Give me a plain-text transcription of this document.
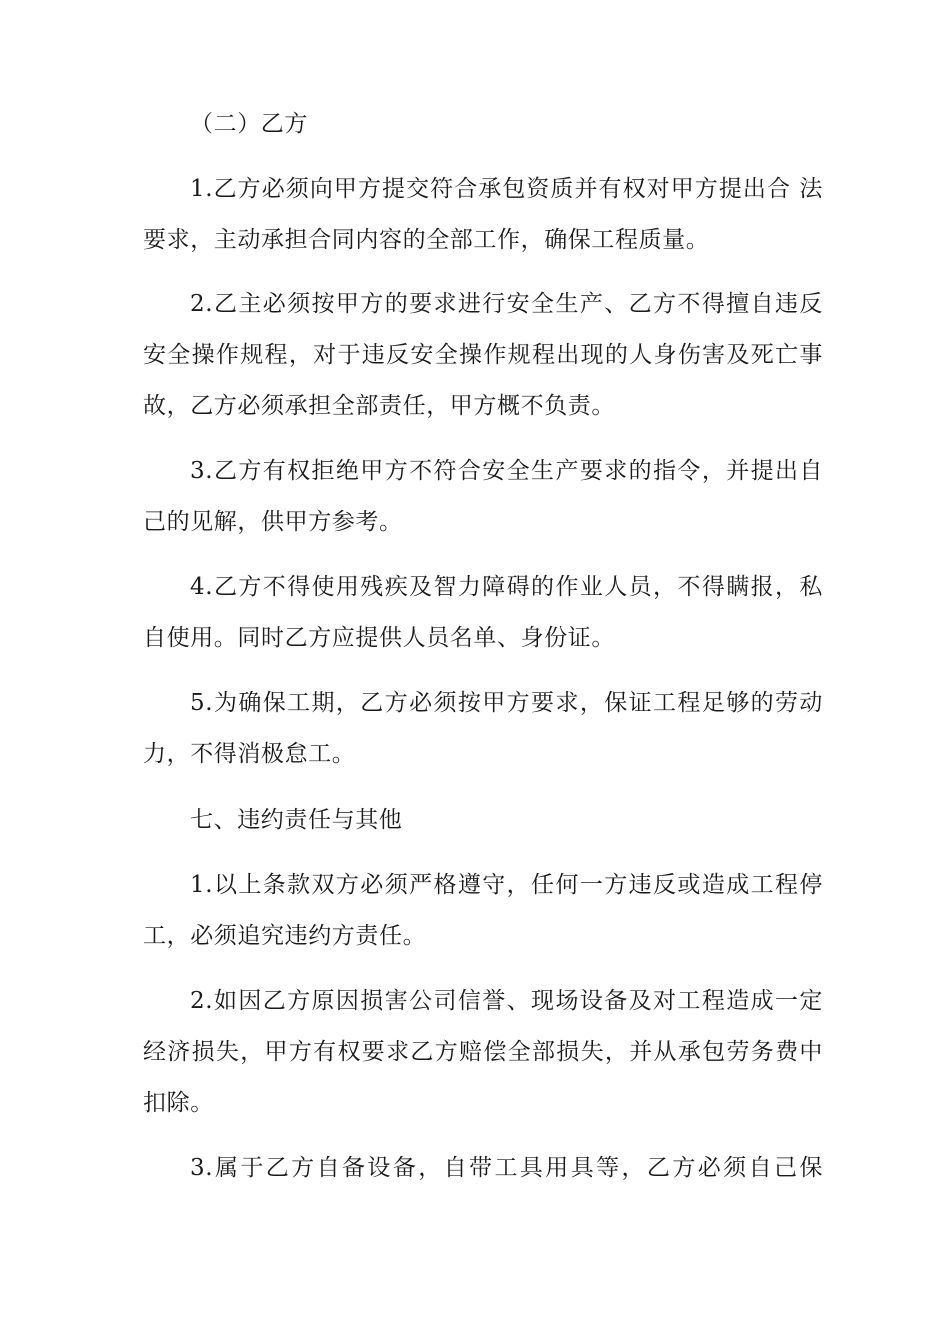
（二）乙方
1.乙方必须向甲方提交符合承包资质并有权对甲方提出合 法
要求，主动承担合同内容的全部工作，确保工程质量。
2.乙主必须按甲方的要求进行安全生产、乙方不得擅自违反
安全操作规程，对于违反安全操作规程出现的人身伤害及死亡事
故，乙方必须承担全部责任，甲方概不负责。
3.乙方有权拒绝甲方不符合安全生产要求的指令，并提出自
己的见解，供甲方参考。
4.乙方不得使用残疾及智力障碍的作业人员，不得瞒报，私
自使用。同时乙方应提供人员名单、身份证。
5.为确保工期，乙方必须按甲方要求，保证工程足够的劳动
力，不得消极怠工。
七、违约责任与其他
1.以上条款双方必须严格遵守，任何一方违反或造成工程停
工，必须追究违约方责任。
2.如因乙方原因损害公司信誉、现场设备及对工程造成一定
经济损失，甲方有权要求乙方赔偿全部损失，并从承包劳务费中
扣除。
3.属于乙方自备设备，自带工具用具等，乙方必须自己保
